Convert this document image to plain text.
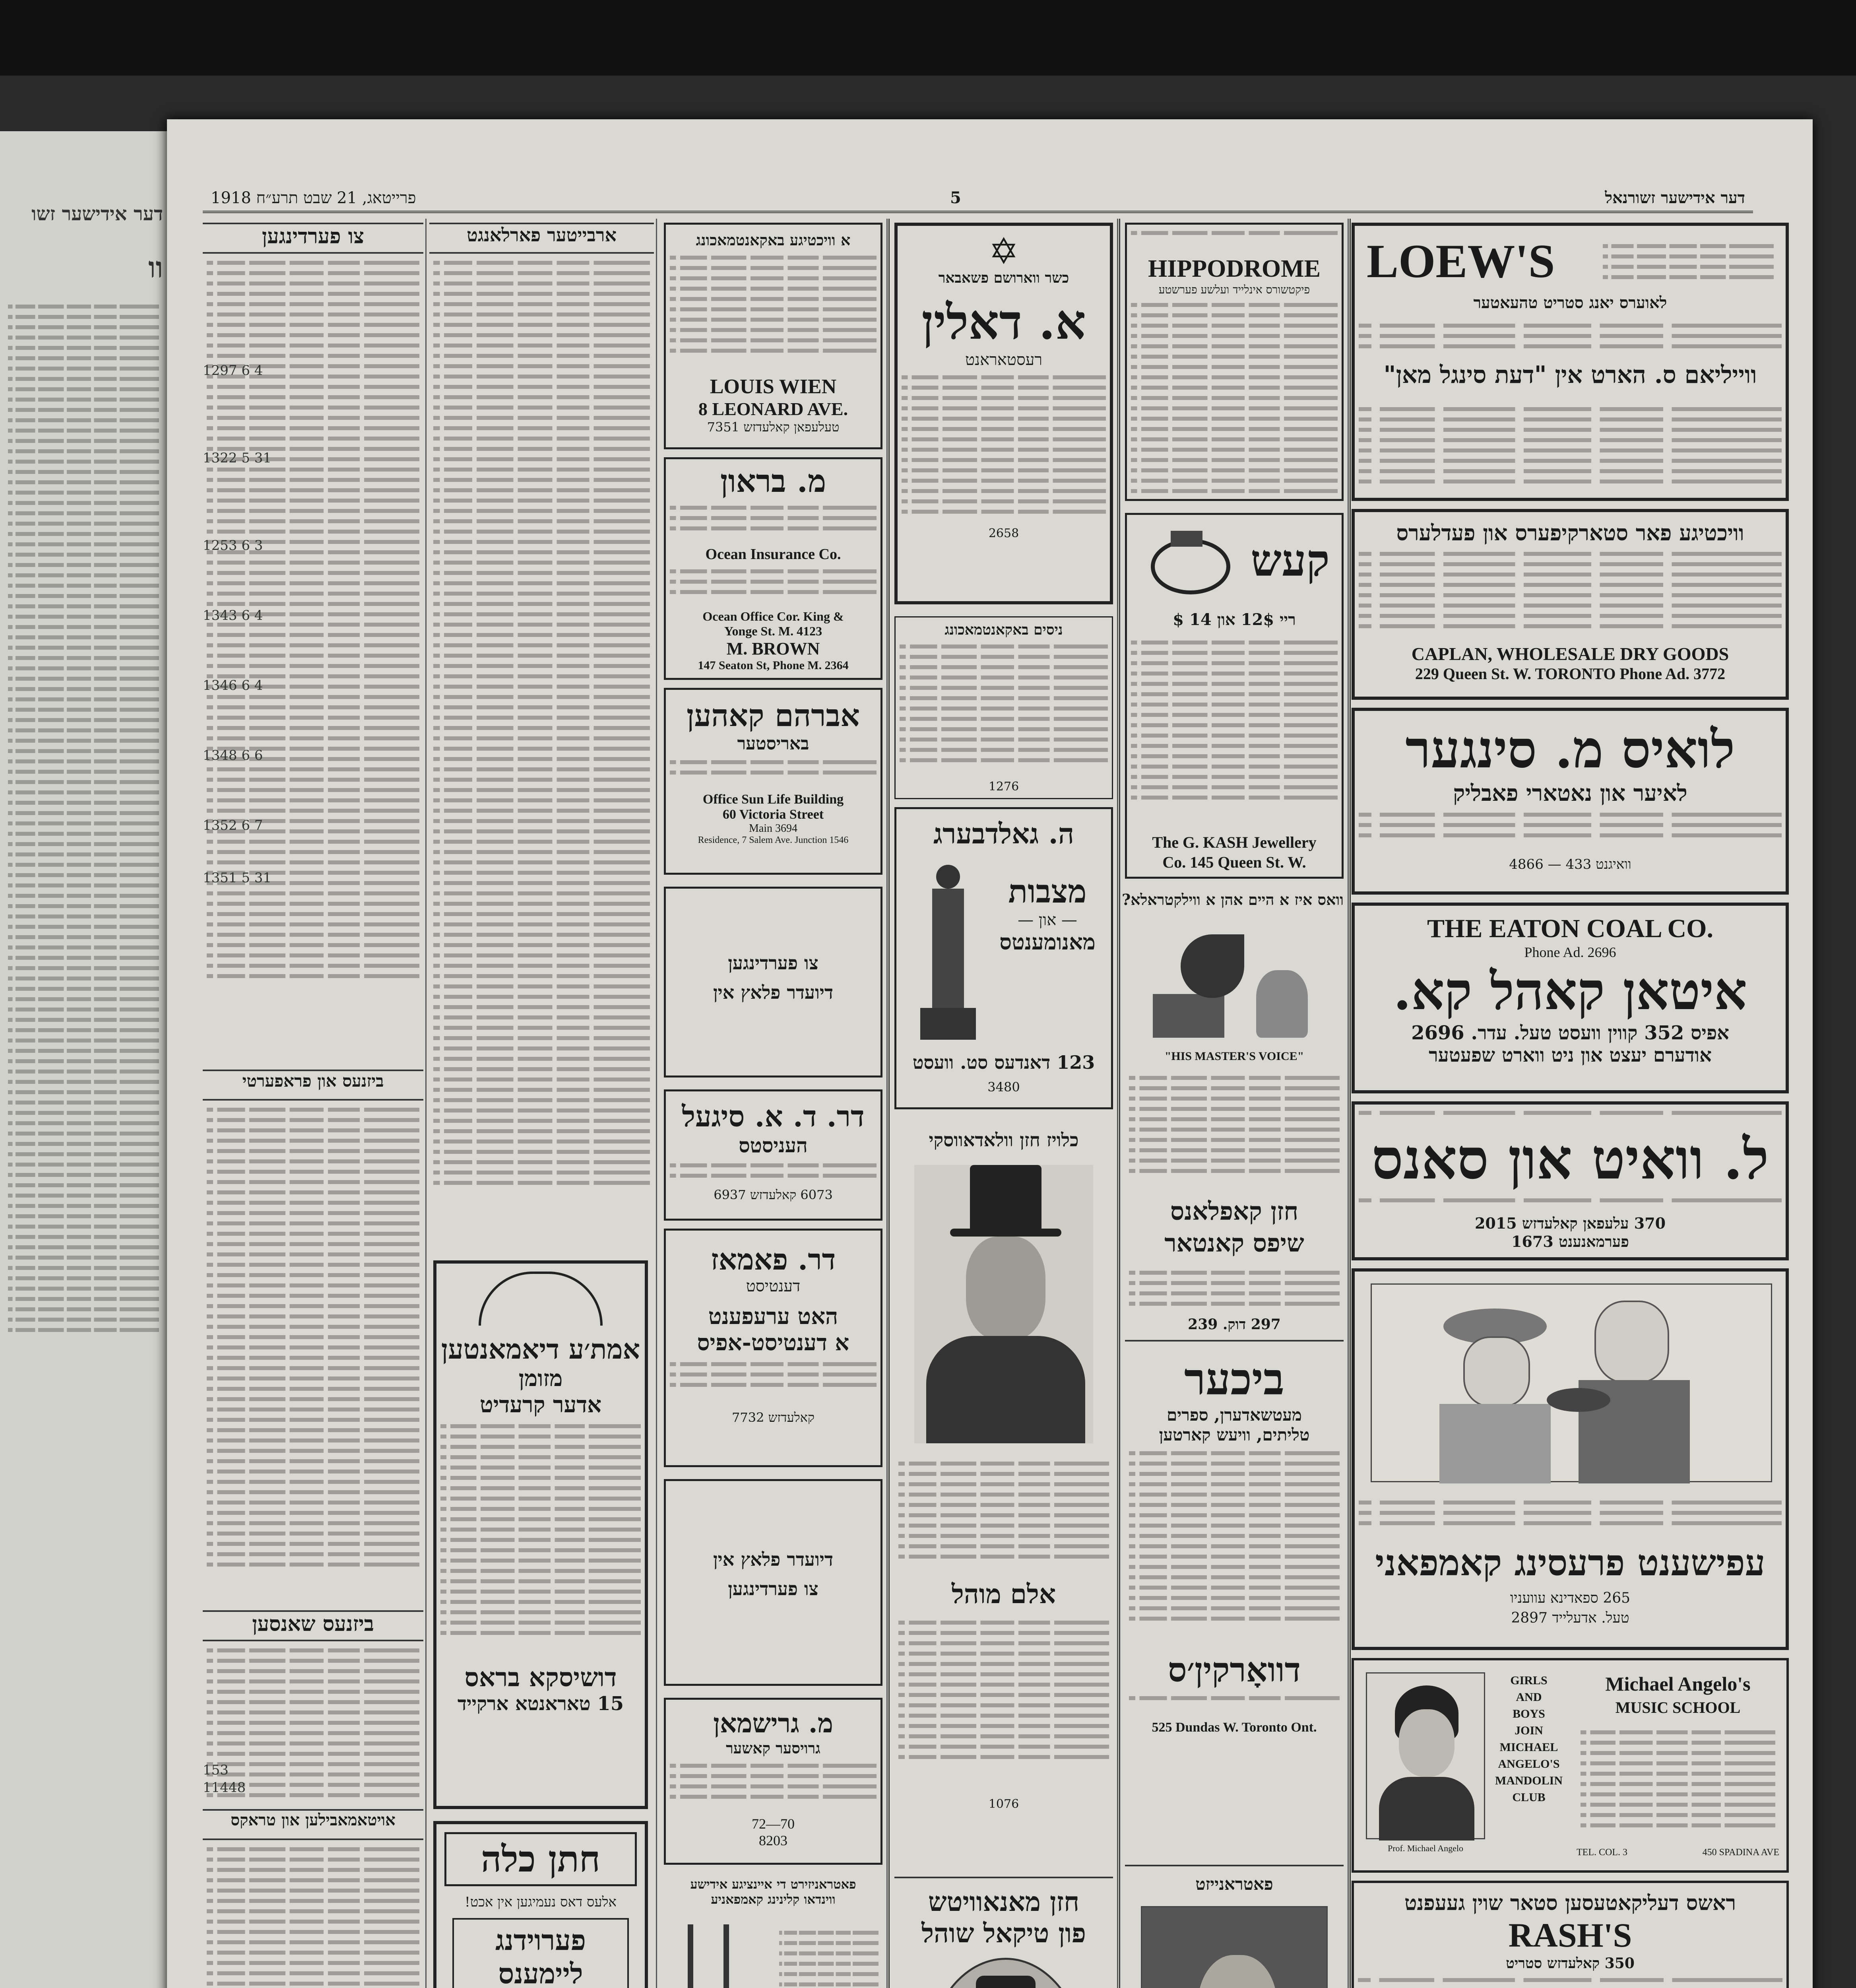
דער אידישער זשו
וו
פרייטאג, 21 שבט תרע״ח 1918	5	דער אידישער זשורנאל
צו פערדינגען
1297 6 4

1322 5 31

1253 6 3

1343 6 4

1346 6 4

1348 6 6

1352 6 7

1351 5 31
ביזנעס און פראפערטי
ביזנעס שאנסען
153
11448
אויטאמאבילען און טראקס
ארבייטער פארלאנגט
אמת׳ע דיאמאנטען
מזומן
אדער קרעדיט
דושיסקא בראס
15 טאראנטא ארקייד
חתן כלה
אלעס דאס נעמיגען אין אכט!
פערוידנג
ליימענס
א וויכטיגע באקאנטמאכונג
LOUIS WIEN
8 LEONARD AVE.
טעלעפאן קאלעדזש 7351
מ. בראון
Ocean Insurance Co.
Ocean Office Cor. King &
Yonge St. M. 4123
M. BROWN
147 Seaton St, Phone M. 2364
אברהם קאהען
באריסטער
Office Sun Life Building
60 Victoria Street
Main 3694
Residence, 7 Salem Ave. Junction 1546
צו פערדינגען
דיועדר פלאץ אין
דר. ד. א. סיגעל
העניסטס
6073 קאלעדזש 6937
דר. פאמאז
דענטיסט
האט ערעפענט
א דענטיסט-אפיס
קאלעדזש 7732
דיועדר פלאץ אין
צו פערדינגען
מ. גרישמאן
גרויסער קאשער
72—70
8203
פאטראניזירט די איינציגע אידישע
ווינדאו קלינינג קאמפאניע
✡
כשר ווארושם פשאבאר
א. דאלין
רעסטאראנט
2658
ניסים באקאנטמאכונג
1276
ה. גאלדבערג
מצבות
— און —
מאנומענטס
123 דאנדעס סט. וועסט
3480
כלויז חזן וולאדאווסקי
אלם מוהל
1076
חזן מאנאוויטש
פון טיקאל שוהל
HIPPODROME
פיקטשורס אינלייד ועלשע פערשטע
קעש
ריי 12$ און 14 $
The G. KASH Jewellery
Co. 145 Queen St. W.
וואס איז א היים אהן א ווילקטראלא?
"HIS MASTER'S VOICE"
חזן קאפלאנס
שיפס קאנטאר
297 דוק. 239
ביכער
מעטשאדערן, ספרים
טליתים, וויעש קארטען
דוואָרקין׳ס
525 Dundas W. Toronto Ont.
פאטראנייזט
LOEW'S
לאוערס יאנג סטריט טהעאטער
ווייליאם ס. הארט אין "דעת סינגל מאן"
וויכטיגע פאר סטארקיפערס און פעדלערס
CAPLAN, WHOLESALE DRY GOODS
229 Queen St. W. TORONTO Phone Ad. 3772
לואיס מ. סינגער
לאיער און נאטארי פאבליק
וואיגנט 433 — 4866
THE EATON COAL CO.
Phone Ad. 2696
איטאן קאהל קא.
אפיס 352 קווין וועסט טעל. עדר. 2696
אודערם יעצט און ניט ווארט שפעטער
ל. וואיט און סאנס
370 עלעפאן קאלעדזש 2015
פערמאנענט 1673
עפישענט פרעסינג קאמפאני
265 ספאדינא עוועניו
טעל. אדעלייד 2897
Prof. Michael Angelo
GIRLS
AND
BOYS
JOIN
MICHAEL
ANGELO'S
MANDOLIN
CLUB
Michael Angelo's
MUSIC SCHOOL
TEL. COL. 3	450 SPADINA AVE
ראשס דעליקאטעסען סטאר שוין געעפנט
RASH'S
350 קאלעדזש סטריט
